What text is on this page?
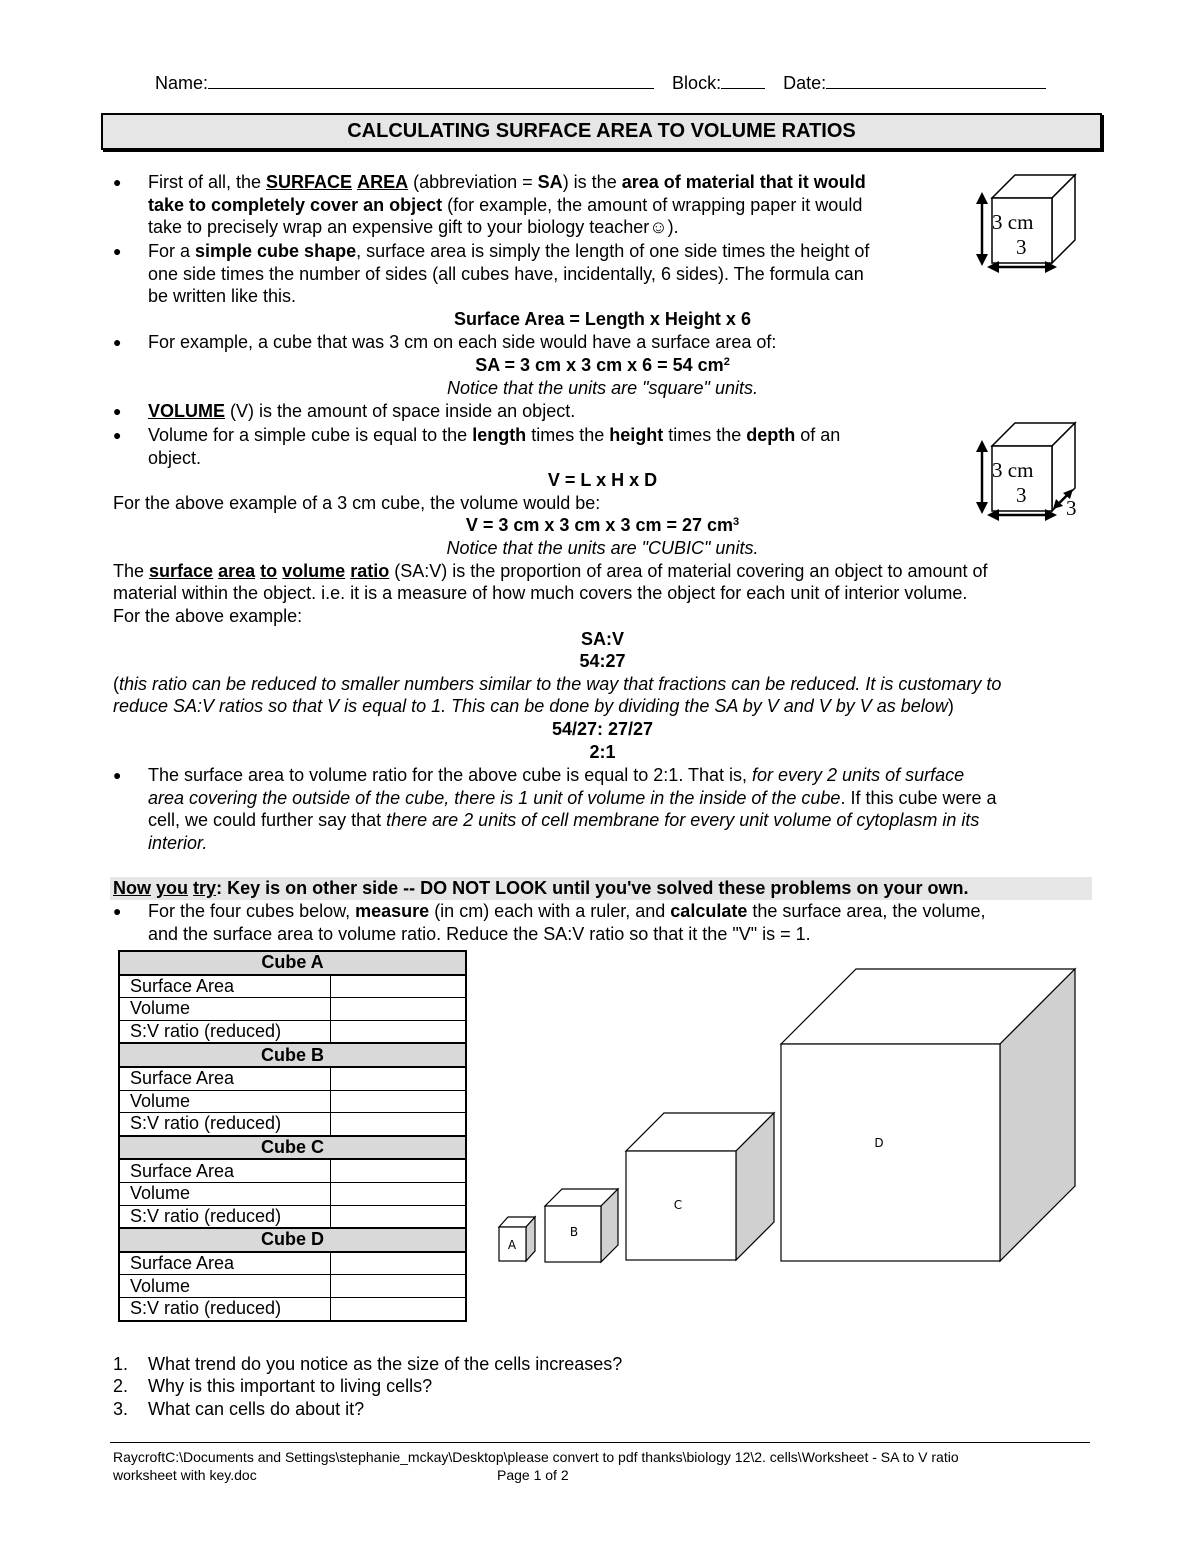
Name:	Block:	Date:
CALCULATING SURFACE AREA TO VOLUME RATIOS
●	First of all, the SURFACE AREA (abbreviation = SA) is the area of material that it would
take to completely cover an object (for example, the amount of wrapping paper it would
take to precisely wrap an expensive gift to your biology teacher☺).
●	For a simple cube shape, surface area is simply the length of one side times the height of
one side times the number of sides (all cubes have, incidentally, 6 sides). The formula can
be written like this.
Surface Area = Length x Height x 6
●	For example, a cube that was 3 cm on each side would have a surface area of:
SA = 3 cm x 3 cm x 6 = 54 $cm^2$
Notice that the units are "square" units.
●	VOLUME (V) is the amount of space inside an object.
●	Volume for a simple cube is equal to the length times the height times the depth of an
object.
V = L x H x D
For the above example of a 3 cm cube, the volume would be:
V = 3 cm x 3 cm x 3 cm = 27 $cm^3$
Notice that the units are "CUBIC" units.
The surface area to volume ratio (SA:V) is the proportion of area of material covering an object to amount of
material within the object. i.e. it is a measure of how much covers the object for each unit of interior volume.
For the above example:
SA:V
54:27
(this ratio can be reduced to smaller numbers similar to the way that fractions can be reduced. It is customary to
reduce SA:V ratios so that V is equal to 1. This can be done by dividing the SA by V and V by V as below)
54/27: 27/27
2:1
●	The surface area to volume ratio for the above cube is equal to 2:1. That is, for every 2 units of surface
area covering the outside of the cube, there is 1 unit of volume in the inside of the cube. If this cube were a
cell, we could further say that there are 2 units of cell membrane for every unit volume of cytoplasm in its
interior.
3 cm
3
3 cm
3
3
Now you try: Key is on other side -- DO NOT LOOK until you've solved these problems on your own.
●	For the four cubes below, measure (in cm) each with a ruler, and calculate the surface area, the volume,
and the surface area to volume ratio. Reduce the SA:V ratio so that it the "V" is = 1.
Cube A	
Surface Area	
Volume	
S:V ratio (reduced)	
Cube B	
Surface Area	
Volume	
S:V ratio (reduced)	
Cube C	
Surface Area	
Volume	
S:V ratio (reduced)	
Cube D	
Surface Area	
Volume	
S:V ratio (reduced)	
A
B
C
D
1.	What trend do you notice as the size of the cells increases?
2.	Why is this important to living cells?
3.	What can cells do about it?
RaycroftC:\Documents and Settings\stephanie_mckay\Desktop\please convert to pdf thanks\biology 12\2. cells\Worksheet - SA to V ratio
worksheet with key.doc	Page 1 of 2
